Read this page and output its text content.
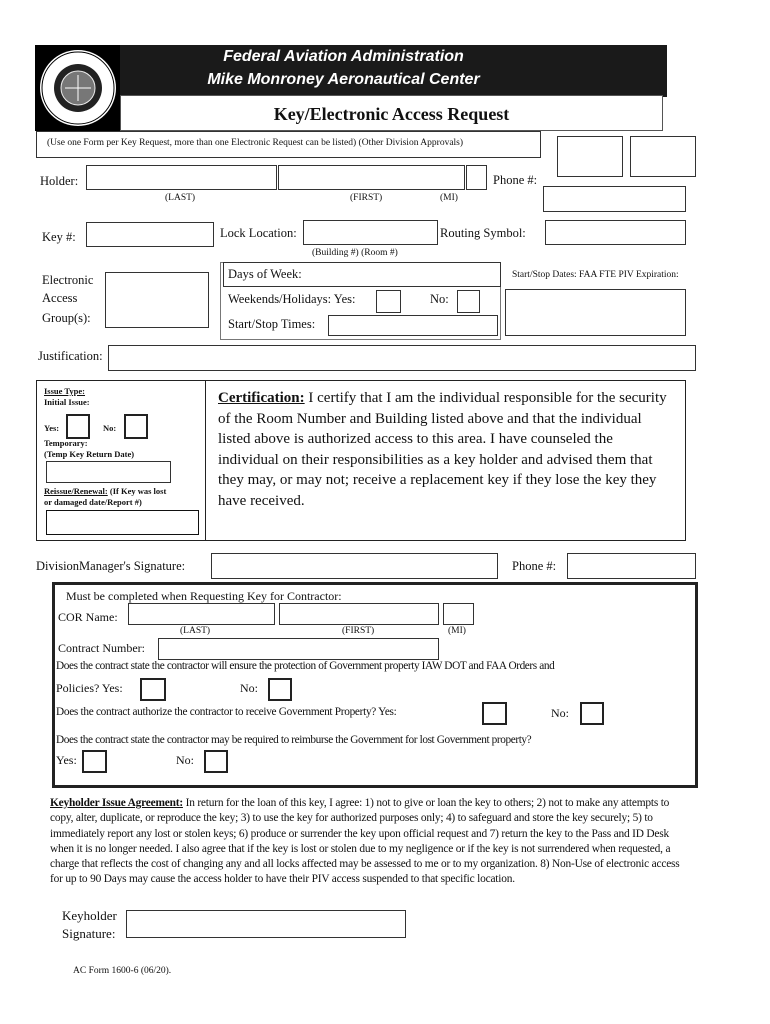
Federal Aviation Administration
Mike Monroney Aeronautical Center
Key/Electronic Access Request
(Use one Form per Key Request, more than one Electronic Request can be listed) (Other Division Approvals)
Holder:	Phone #:
(LAST)	(FIRST)	(MI)
Key #:	Lock Location:	Routing Symbol:
(Building #) (Room #)
Electronic
Access
Group(s):
Days of Week:
Weekends/Holidays: Yes:	No:
Start/Stop Times:
Start/Stop Dates: FAA FTE PIV Expiration:
Justification:
Issue Type:
Initial Issue:
Yes:	No:
Temporary:
(Temp Key Return Date)
Reissue/Renewal: (If Key was lost
or damaged date/Report #)
Certification: I certify that I am the individual responsible for the security of the Room Number and Building listed above and that the individual listed above is authorized access to this area. I have counseled the individual on their responsibilities as a key holder and advised them that they may, or may not; receive a replacement key if they lose the key they have received.
DivisionManager's Signature:	Phone #:
Must be completed when Requesting Key for Contractor:
COR Name:
(LAST)	(FIRST)	(MI)
Contract Number:
Does the contract state the contractor will ensure the protection of Government property IAW DOT and FAA Orders and
Policies? Yes:	No:
Does the contract authorize the contractor to receive Government Property? Yes:	No:
Does the contract state the contractor may be required to reimburse the Government for lost Government property?
Yes:	No:
Keyholder Issue Agreement: In return for the loan of this key, I agree: 1) not to give or loan the key to others; 2) not to make any attempts to copy, alter, duplicate, or reproduce the key; 3) to use the key for authorized purposes only; 4) to safeguard and store the key securely; 5) to immediately report any lost or stolen keys; 6) produce or surrender the key upon official request and 7) return the key to the Pass and ID Desk when it is no longer needed. I also agree that if the key is lost or stolen due to my negligence or if the key is not surrendered when requested, a charge that reflects the cost of changing any and all locks affected may be assessed to me or to my organization. 8) Non-Use of electronic access for up to 90 Days may cause the access holder to have their PIV access suspended to that specific location.
Keyholder
Signature:
AC Form 1600-6 (06/20).
